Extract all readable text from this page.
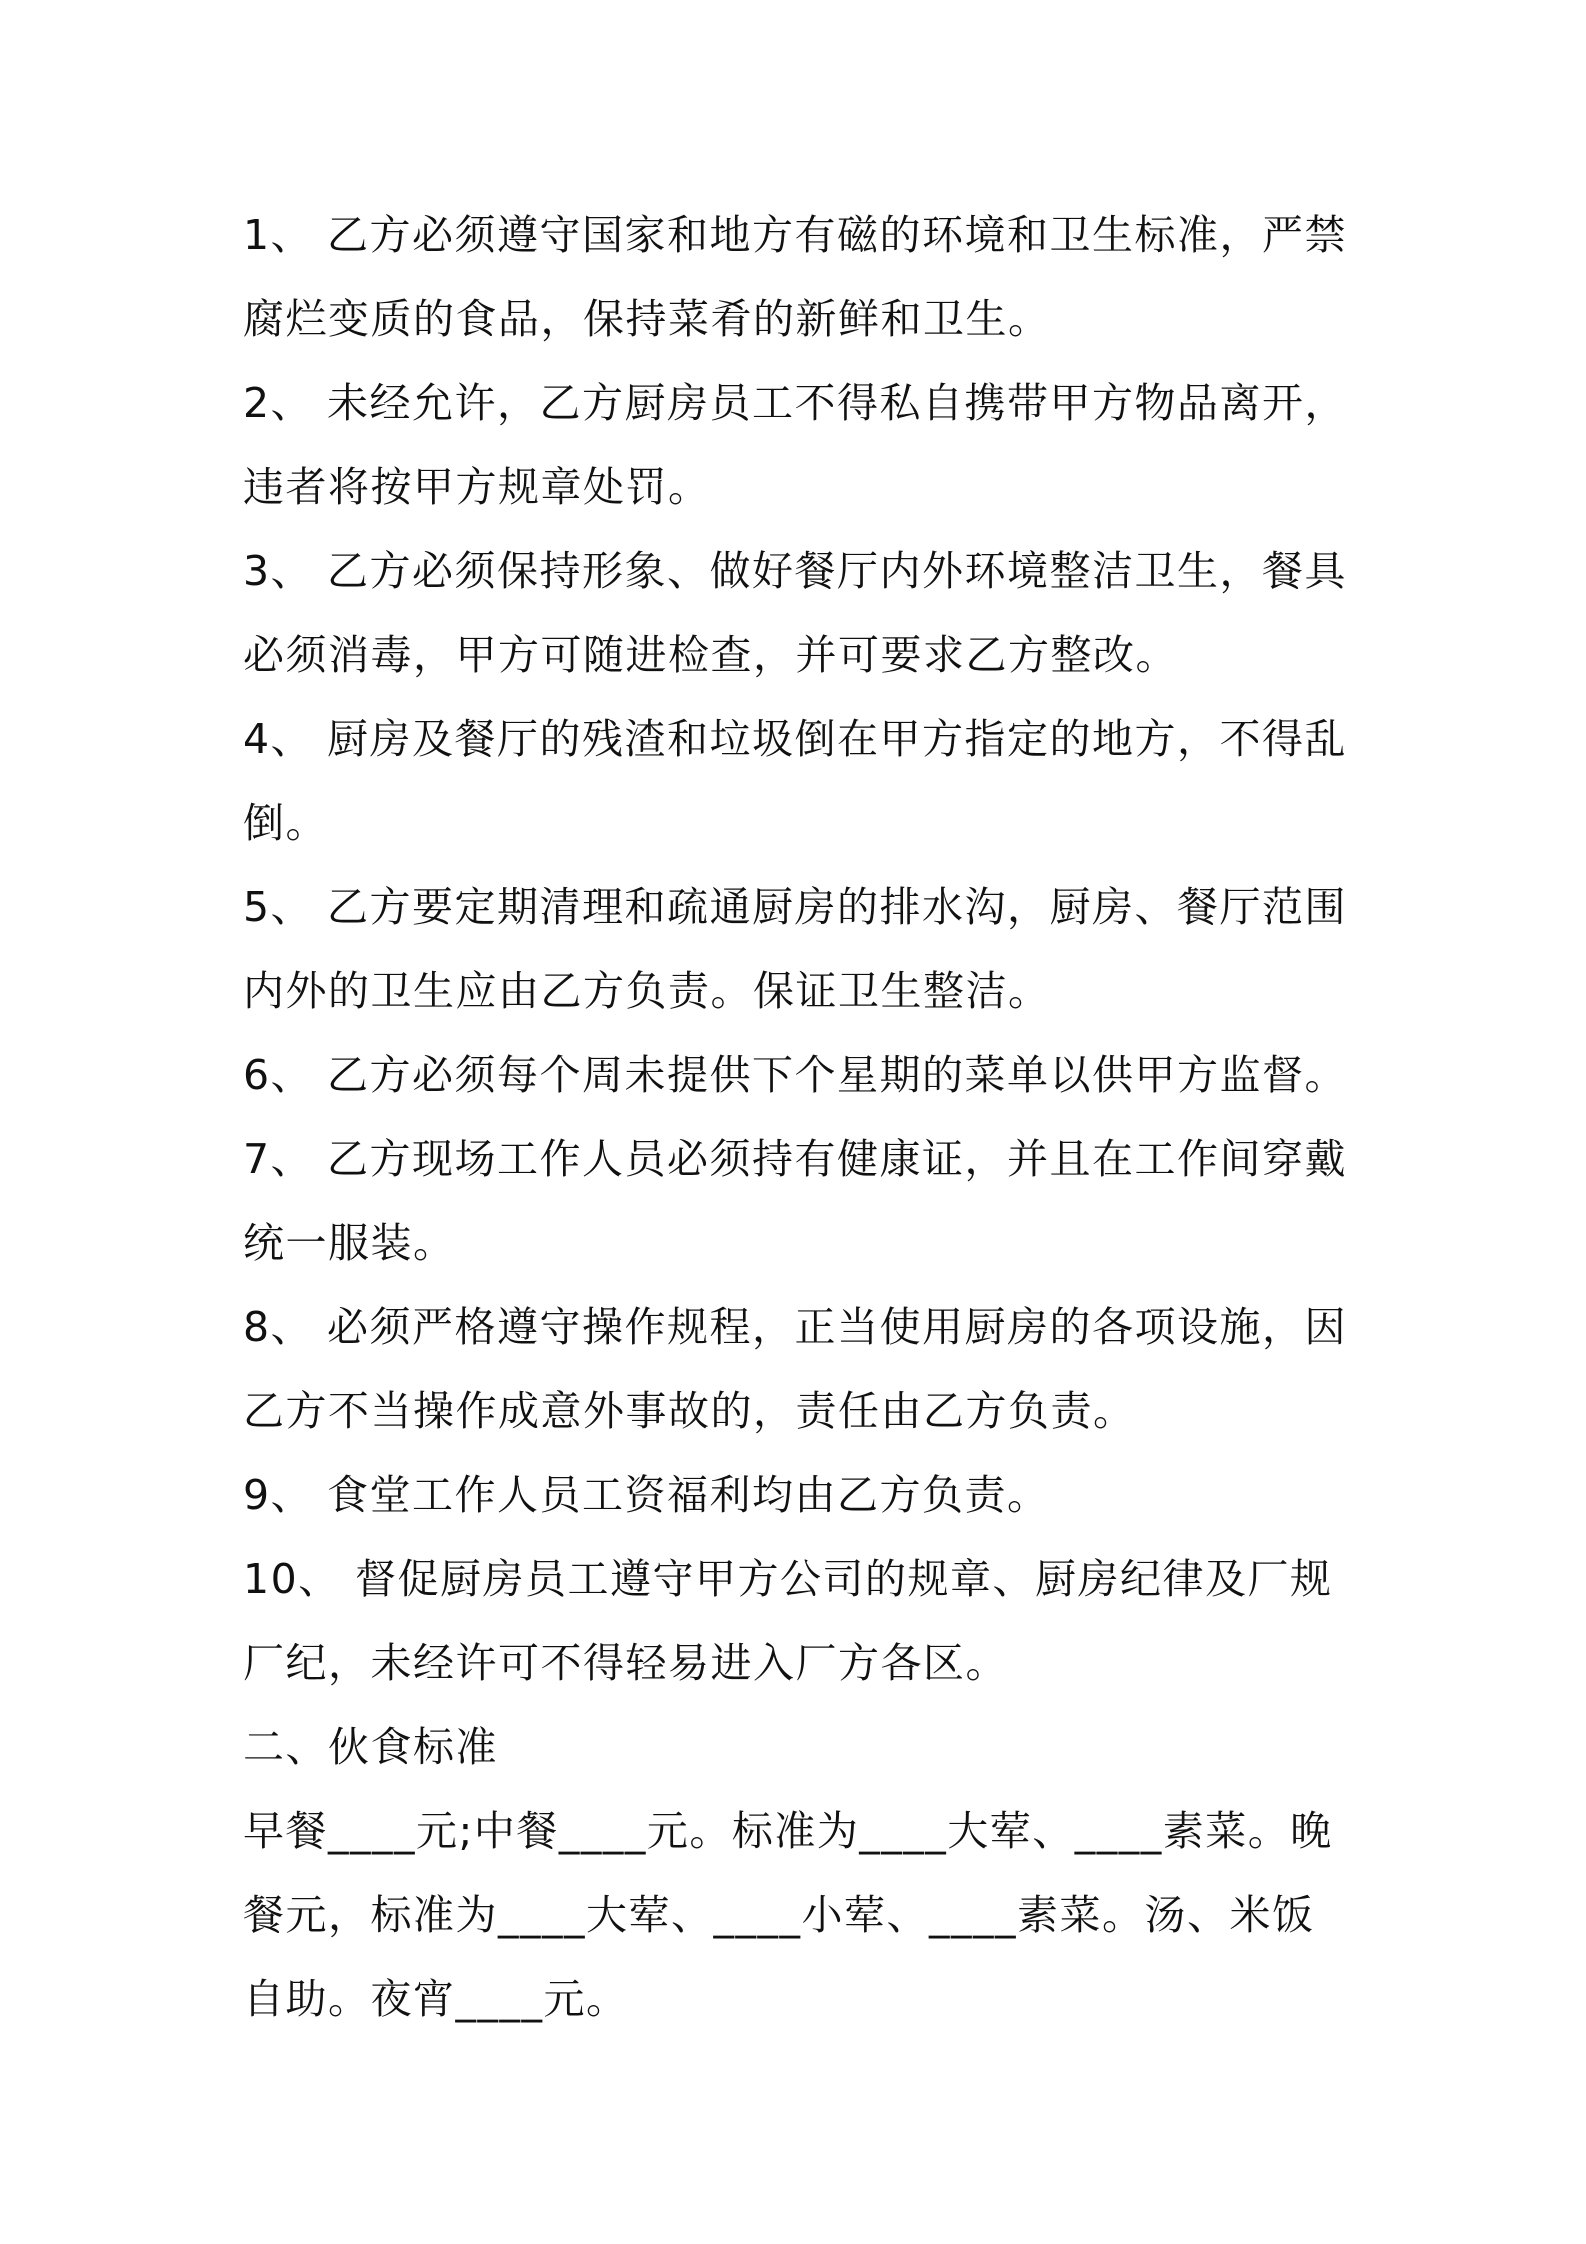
1、 乙方必须遵守国家和地方有磁的环境和卫生标准，严禁
腐烂变质的食品，保持菜肴的新鲜和卫生。
2、 未经允许，乙方厨房员工不得私自携带甲方物品离开，
违者将按甲方规章处罚。
3、 乙方必须保持形象、做好餐厅内外环境整洁卫生，餐具
必须消毒，甲方可随进检查，并可要求乙方整改。
4、 厨房及餐厅的残渣和垃圾倒在甲方指定的地方，不得乱
倒。
5、 乙方要定期清理和疏通厨房的排水沟，厨房、餐厅范围
内外的卫生应由乙方负责。保证卫生整洁。
6、 乙方必须每个周未提供下个星期的菜单以供甲方监督。
7、 乙方现场工作人员必须持有健康证，并且在工作间穿戴
统一服装。
8、 必须严格遵守操作规程，正当使用厨房的各项设施，因
乙方不当操作成意外事故的，责任由乙方负责。
9、 食堂工作人员工资福利均由乙方负责。
10、 督促厨房员工遵守甲方公司的规章、厨房纪律及厂规
厂纪，未经许可不得轻易进入厂方各区。
二、伙食标准
早餐____元;中餐____元。标准为____大荤、____素菜。晚
餐元，标准为____大荤、____小荤、____素菜。汤、米饭
自助。夜宵____元。
